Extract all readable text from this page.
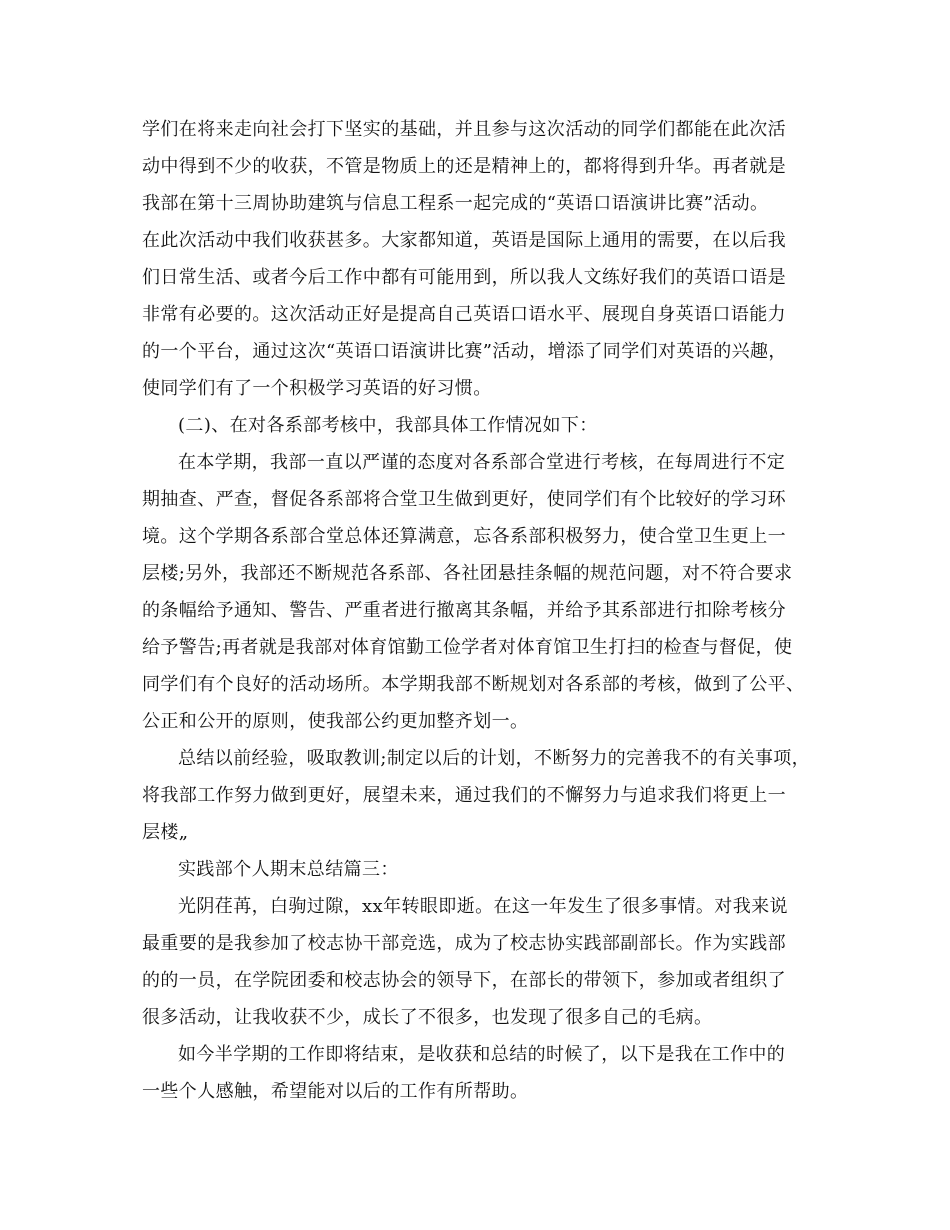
学们在将来走向社会打下坚实的基础，并且参与这次活动的同学们都能在此次活
动中得到不少的收获，不管是物质上的还是精神上的，都将得到升华。再者就是
我部在第十三周协助建筑与信息工程系一起完成的“英语口语演讲比赛”活动。
在此次活动中我们收获甚多。大家都知道，英语是国际上通用的需要，在以后我
们日常生活、或者今后工作中都有可能用到，所以我人文练好我们的英语口语是
非常有必要的。这次活动正好是提高自己英语口语水平、展现自身英语口语能力
的一个平台，通过这次“英语口语演讲比赛”活动，增添了同学们对英语的兴趣，
使同学们有了一个积极学习英语的好习惯。
(二)、在对各系部考核中，我部具体工作情况如下：
在本学期，我部一直以严谨的态度对各系部合堂进行考核，在每周进行不定
期抽查、严查，督促各系部将合堂卫生做到更好，使同学们有个比较好的学习环
境。这个学期各系部合堂总体还算满意，忘各系部积极努力，使合堂卫生更上一
层楼;另外，我部还不断规范各系部、各社团悬挂条幅的规范问题，对不符合要求
的条幅给予通知、警告、严重者进行撤离其条幅，并给予其系部进行扣除考核分
给予警告;再者就是我部对体育馆勤工俭学者对体育馆卫生打扫的检查与督促，使
同学们有个良好的活动场所。本学期我部不断规划对各系部的考核，做到了公平、
公正和公开的原则，使我部公约更加整齐划一。
总结以前经验，吸取教训;制定以后的计划，不断努力的完善我不的有关事项，
将我部工作努力做到更好，展望未来，通过我们的不懈努力与追求我们将更上一
层楼„
实践部个人期末总结篇三：
光阴荏苒，白驹过隙，xx年转眼即逝。在这一年发生了很多事情。对我来说
最重要的是我参加了校志协干部竞选，成为了校志协实践部副部长。作为实践部
的的一员，在学院团委和校志协会的领导下，在部长的带领下，参加或者组织了
很多活动，让我收获不少，成长了不很多，也发现了很多自己的毛病。
如今半学期的工作即将结束，是收获和总结的时候了，以下是我在工作中的
一些个人感触，希望能对以后的工作有所帮助。
